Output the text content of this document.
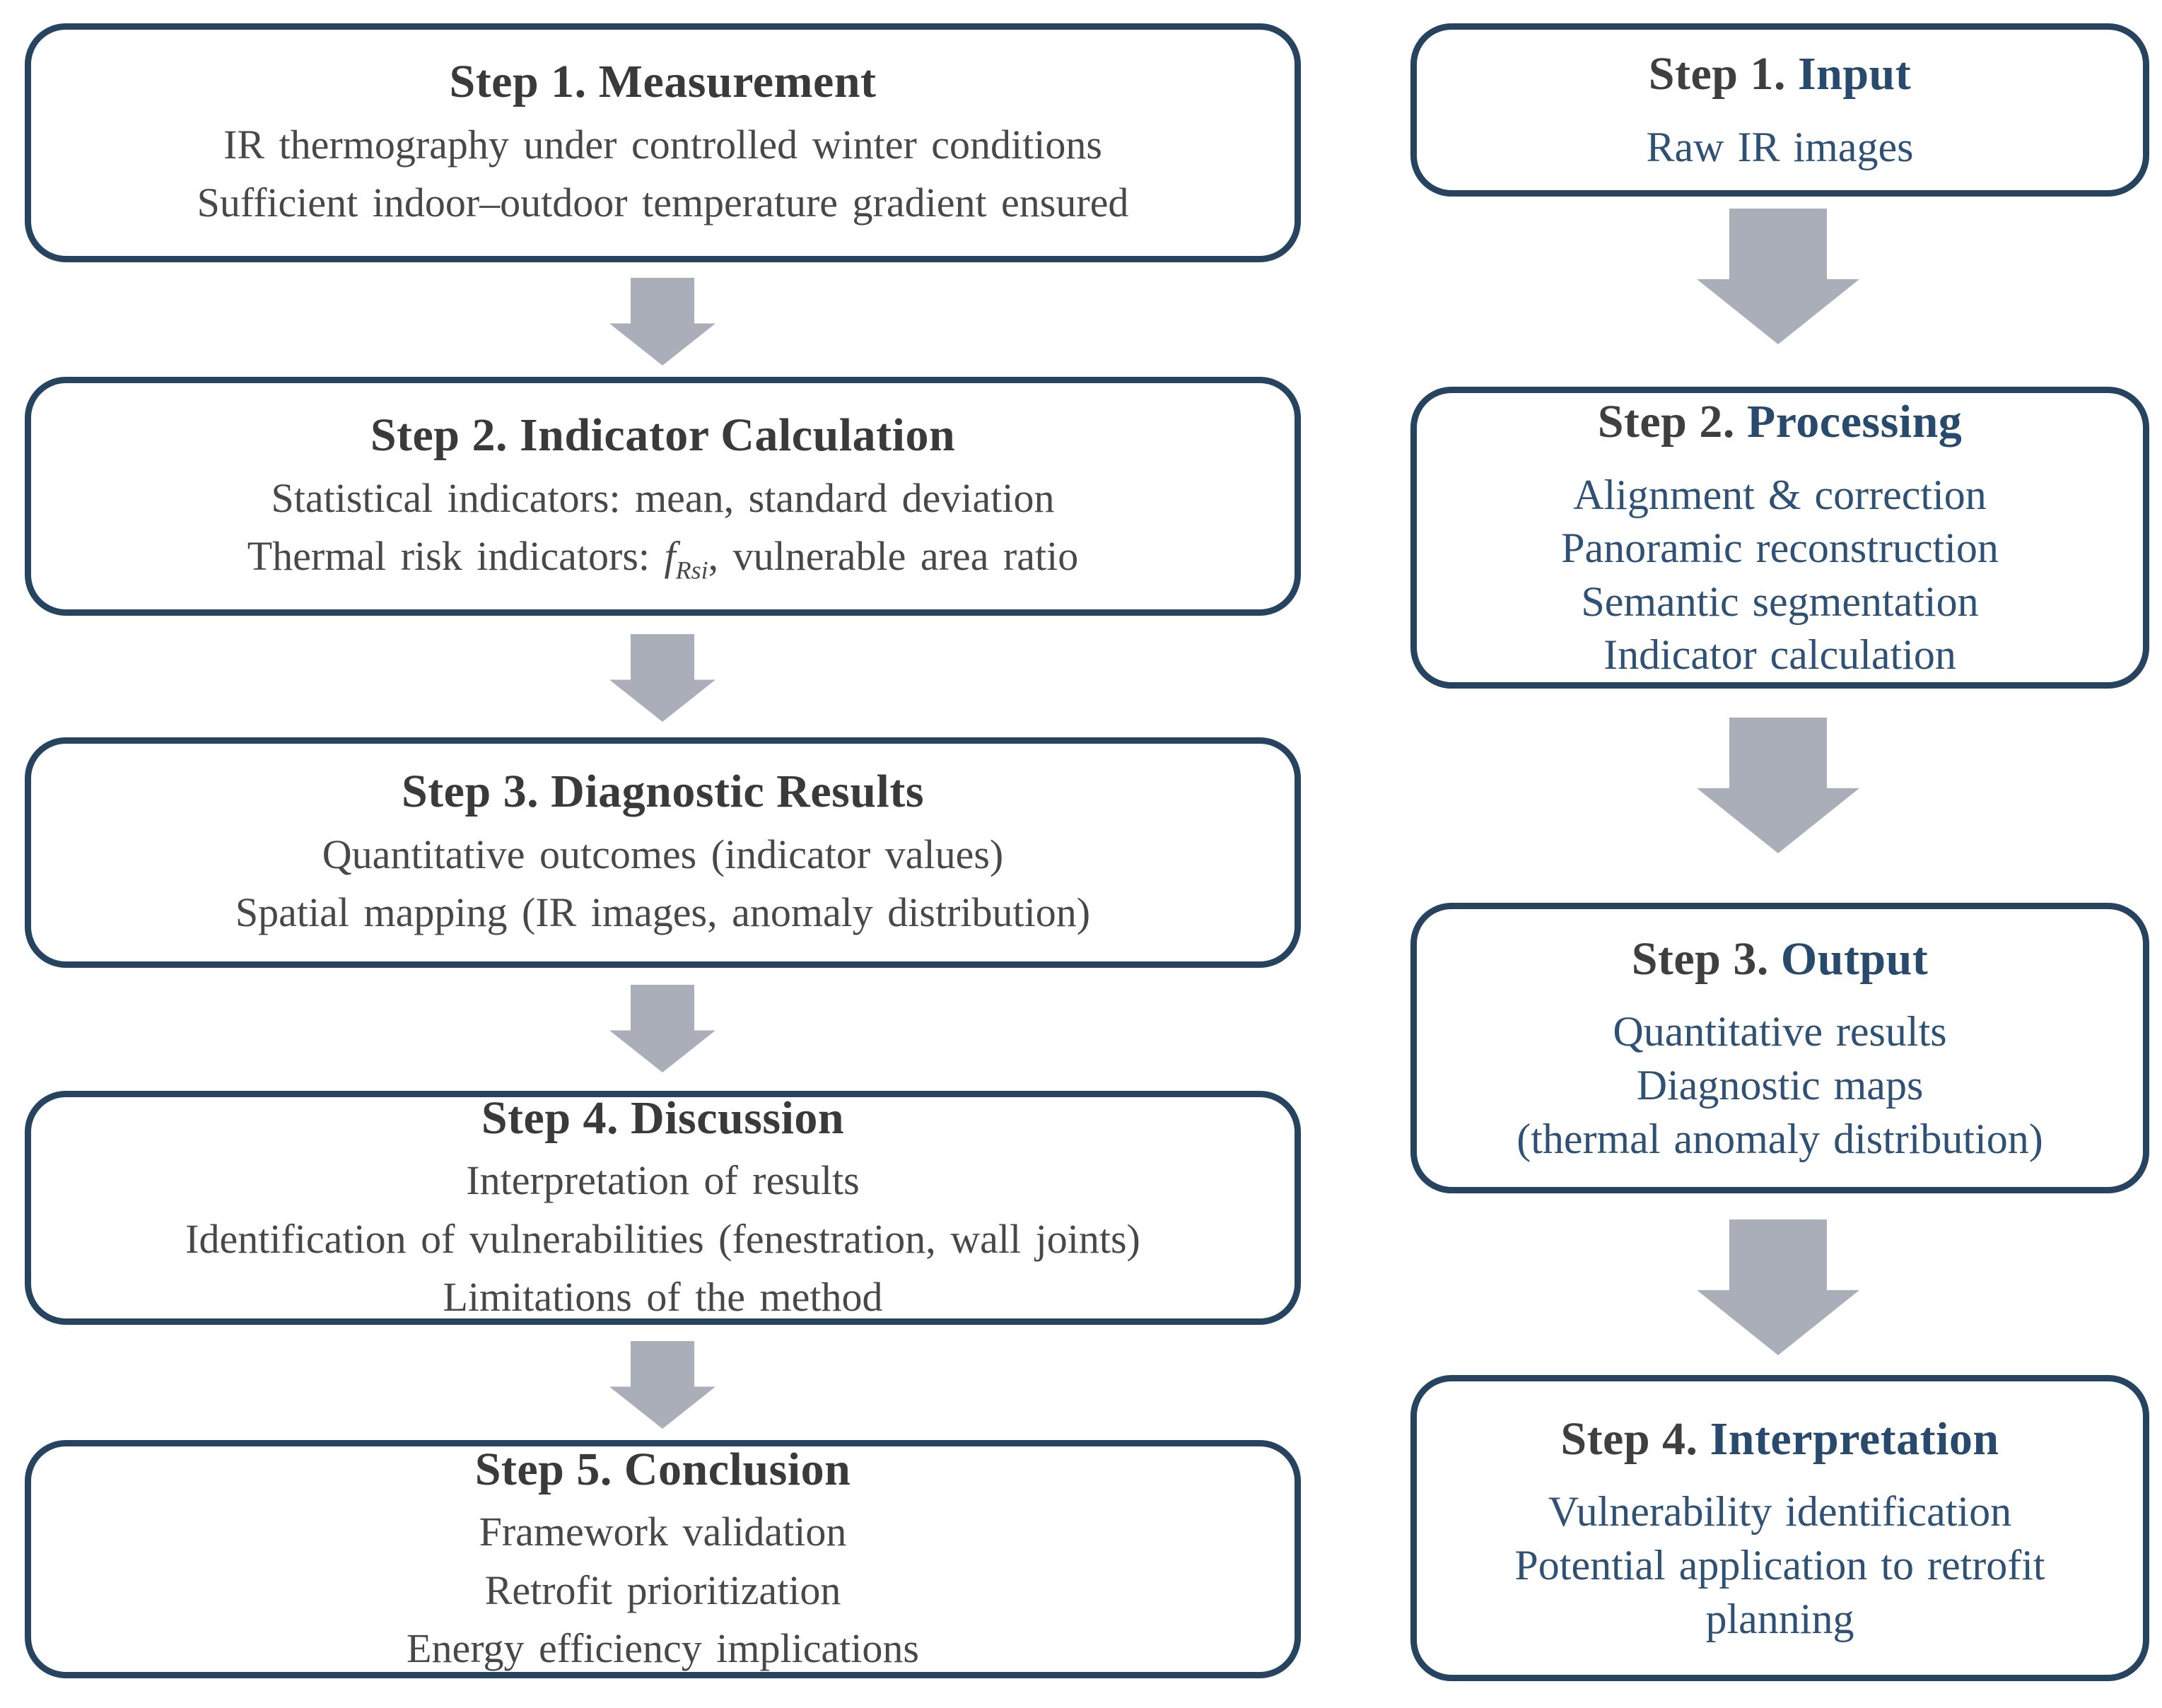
Step 1. Measurement
IR thermography under controlled winter conditions
Sufficient indoor–outdoor temperature gradient ensured
Step 2. Indicator Calculation
Statistical indicators: mean, standard deviation
Thermal risk indicators: $f_{Rsi}$, vulnerable area ratio
Step 3. Diagnostic Results
Quantitative outcomes (indicator values)
Spatial mapping (IR images, anomaly distribution)
Step 4. Discussion
Interpretation of results
Identification of vulnerabilities (fenestration, wall joints)
Limitations of the method
Step 5. Conclusion
Framework validation
Retrofit prioritization
Energy efficiency implications
Step 1. Input
Raw IR images
Step 2. Processing
Alignment & correction
Panoramic reconstruction
Semantic segmentation
Indicator calculation
Step 3. Output
Quantitative results
Diagnostic maps
(thermal anomaly distribution)
Step 4. Interpretation
Vulnerability identification
Potential application to retrofit planning
